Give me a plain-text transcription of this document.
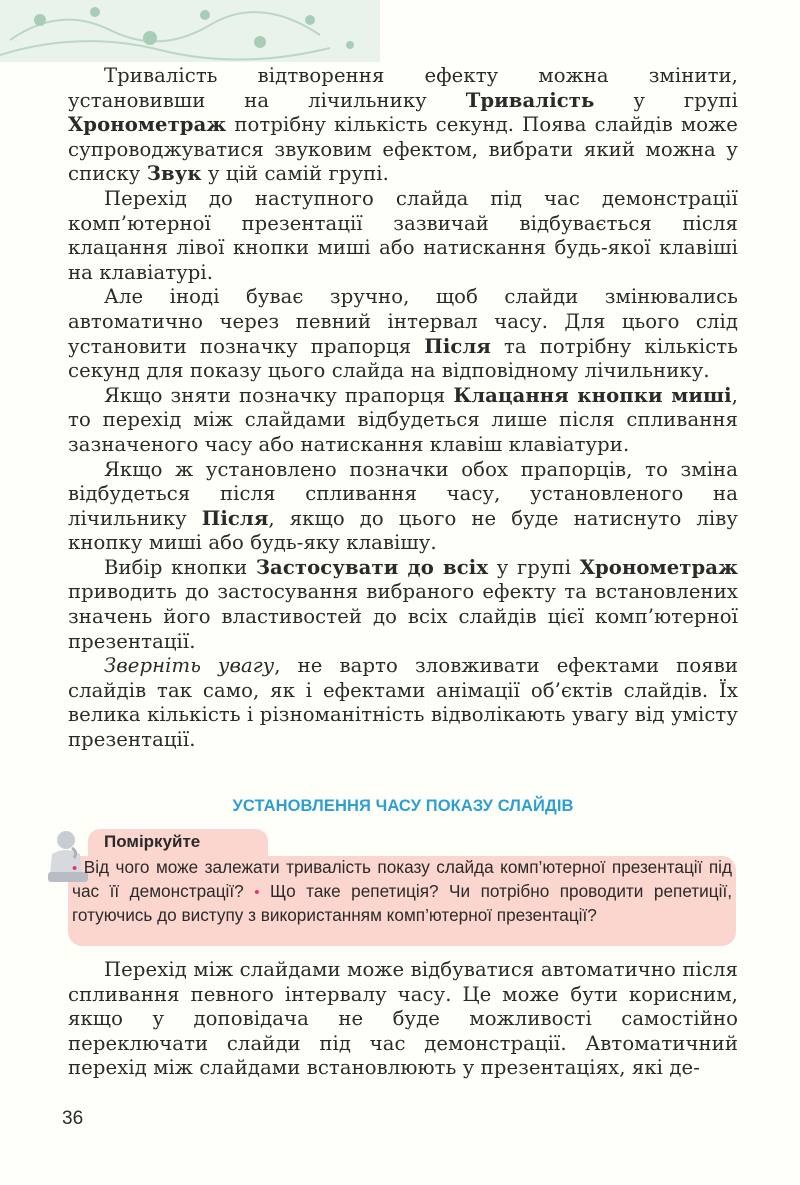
Тривалість відтворення ефекту можна змінити, установивши на лічильнику Тривалість у групі Хронометраж потрібну кількість секунд. Поява слайдів може супроводжуватися звуковим ефектом, вибрати який можна у списку Звук у цій самій групі.

Перехід до наступного слайда під час демонстрації комп’ютерної презентації зазвичай відбувається після клацання лівої кнопки миші або натискання будь-якої клавіші на клавіатурі.

Але іноді буває зручно, щоб слайди змінювались автоматично через певний інтервал часу. Для цього слід установити позначку прапорця Після та потрібну кількість секунд для показу цього слайда на відповідному лічильнику.

Якщо зняти позначку прапорця Клацання кнопки миші, то перехід між слайдами відбудеться лише після спливання зазначеного часу або натискання клавіш клавіатури.

Якщо ж установлено позначки обох прапорців, то зміна відбудеться після спливання часу, установленого на лічильнику Після, якщо до цього не буде натиснуто ліву кнопку миші або будь-яку клавішу.

Вибір кнопки Застосувати до всіх у групі Хронометраж приводить до застосування вибраного ефекту та встановлених значень його властивостей до всіх слайдів цієї комп’ютерної презентації.

Зверніть увагу, не варто зловживати ефектами появи слайдів так само, як і ефектами анімації об’єктів слайдів. Їх велика кількість і різноманітність відволікають увагу від умісту презентації.

УСТАНОВЛЕННЯ ЧАСУ ПОКАЗУ СЛАЙДІВ
Поміркуйте
• Від чого може залежати тривалість показу слайда комп’ютерної презентації під час її демонстрації? • Що таке репетиція? Чи потрібно проводити репетиції, готуючись до виступу з використанням комп’ютерної презентації?

Перехід між слайдами може відбуватися автоматично після спливання певного інтервалу часу. Це може бути корисним, якщо у доповідача не буде можливості самостійно переключати слайди під час демонстрації. Автоматичний перехід між слайдами встановлюють у презентаціях, які де-

36
